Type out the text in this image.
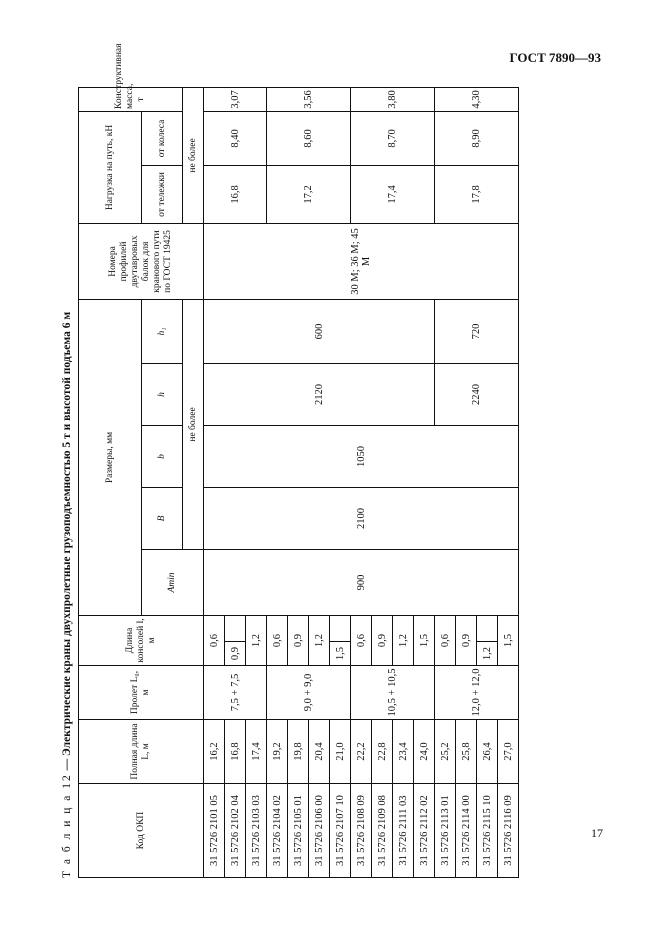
ГОСТ 7890—93
Т а б л и ц а 12 — Электрические краны двухпролетные грузоподъемностью 5 т и высотой подъема 6 м
Код ОКП	Полная длина L, м	Пролет L₀, м	Длина консолей l, м		Размеры, мм					Номера профилей двутавровых балок для кранового пути по ГОСТ 19425	Нагрузка на путь, кН		Конструктивная масса, т
					Amin	B	b	h	h₁		от тележки	от колеса	
						не более					не более		
31 5726 2101 05	16,2	7,5 + 7,5	0,6		900	2100	1050	2120	600	30 М; 36 М; 45 М	16,8	8,40	3,07
31 5726 2102 04	16,8		0,9										
31 5726 2103 03	17,4		1,2										
31 5726 2104 02	19,2	9,0 + 9,0	0,6								17,2	8,60	3,56
31 5726 2105 01	19,8		0,9										
31 5726 2106 00	20,4		1,2										
31 5726 2107 10	21,0		1,5										
31 5726 2108 09	22,2	10,5 + 10,5	0,6								17,4	8,70	3,80
31 5726 2109 08	22,8		0,9										
31 5726 2111 03	23,4		1,2										
31 5726 2112 02	24,0		1,5										
31 5726 2113 01	25,2	12,0 + 12,0	0,6					2240	720		17,8	8,90	4,30
31 5726 2114 00	25,8		0,9										
31 5726 2115 10	26,4		1,2										
31 5726 2116 09	27,0		1,5										
17
